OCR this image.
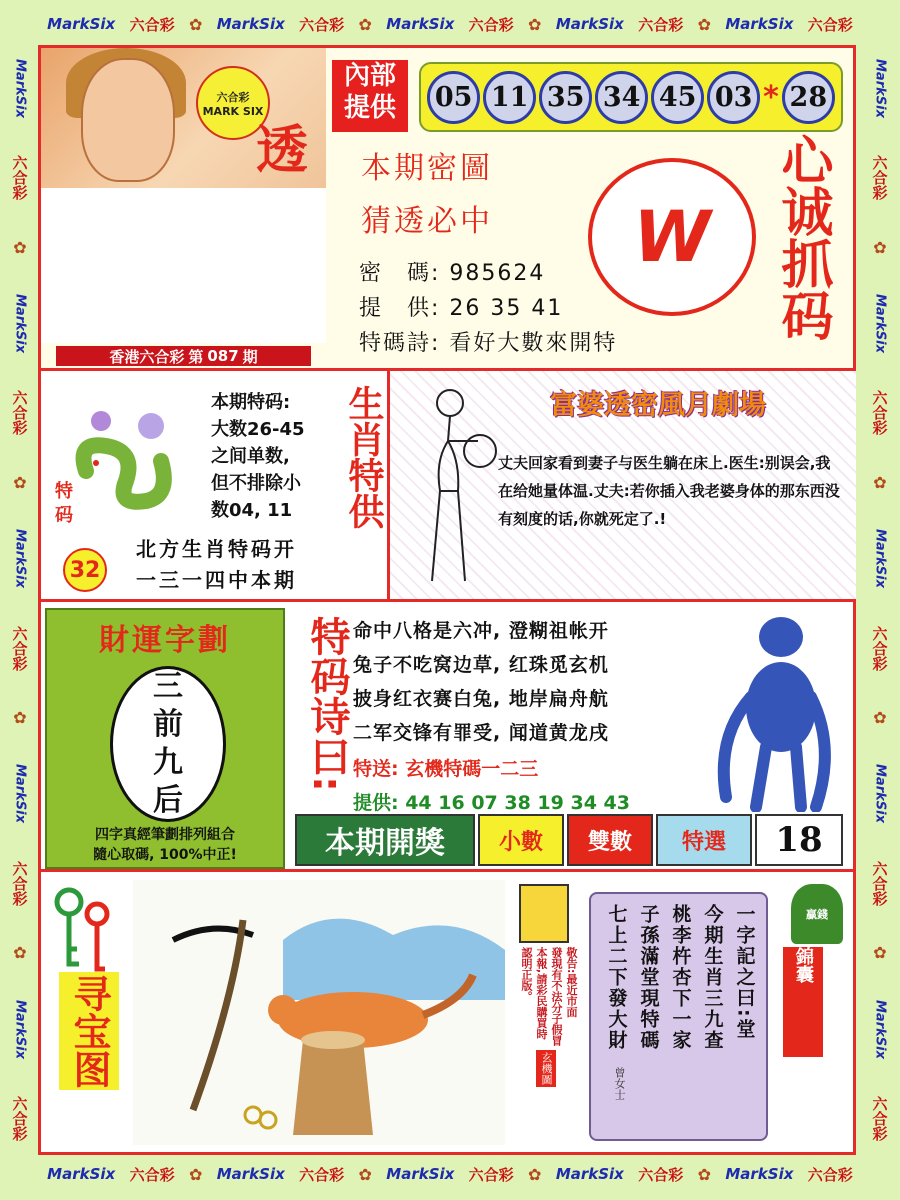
MarkSix 六合彩 ✿ MarkSix 六合彩 ✿ MarkSix 六合彩 ✿ MarkSix 六合彩 ✿ MarkSix 六合彩
MarkSix 六合彩 ✿ MarkSix 六合彩 ✿ MarkSix 六合彩 ✿ MarkSix 六合彩 ✿ MarkSix 六合彩
MarkSix
六合彩
✿
MarkSix
六合彩
✿
MarkSix
六合彩
✿
MarkSix
六合彩
✿
MarkSix
六合彩
MarkSix
六合彩
✿
MarkSix
六合彩
✿
MarkSix
六合彩
✿
MarkSix
六合彩
✿
MarkSix
六合彩
六合彩
MARK SIX
透
香港六合彩 第 087 期
內部
提供	05 11 35 34 45 03 * 28
本期密圖
猜透必中
密　碼: 985624
提　供: 26 35 41
特碼詩: 看好大數來開特
W 心诚抓码
特码
32
本期特码:
大数26-45
之间单数,
但不排除小
数04, 11
北方生肖特码开
一三一四中本期
生肖特供	富婆透密風月劇場
丈夫回家看到妻子与医生躺在床上.医生:别误会,我在给她量体温.丈夫:若你插入我老婆身体的那东西没有刻度的话,你就死定了.!
財運字劃
三
前
九
后
四字真經筆劃排列組合
隨心取碼, 100%中正!
特码诗曰: 命中八格是六冲, 澄糊祖帐开
兔子不吃窝边草, 红珠觅玄机
披身红衣赛白兔, 地岸扁舟航
二军交锋有罪受, 闻道黄龙戌
特送: 玄機特碼一二三
提供: 44 16 07 38 19 34 43
本期開獎	小數	雙數	特選	18
寻宝图	敬告:最近市面
發現有不法分子假冒
本報,請彩民購買時
認明正版。
玄機圖
一字記之曰:堂
今期生肖三九查
桃李杵杏下一家
子孫滿堂現特碼
七上二下發大財
曾女士
贏錢
錦囊
